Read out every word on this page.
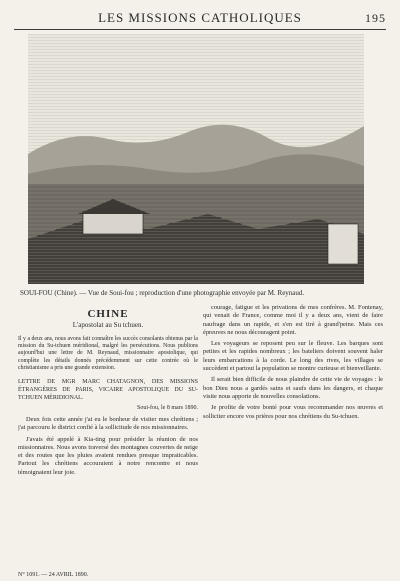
LES MISSIONS CATHOLIQUES	195
SOUI-FOU (Chine). — Vue de Soui-fou ; reproduction d'une photographie envoyée par M. Reynaud.
CHINE
L'apostolat au Su tchuen.
Il y a deux ans, nous avons fait connaître les succès consolants obtenus par la mission du Su-tchuen méridional, malgré les persécutions. Nous publions aujourd'hui une lettre de M. Reynaud, missionnaire apostolique, qui complète les détails donnés précédemment sur cette contrée où le christianisme a pris une grande extension.
LETTRE DE MGR MARC CHATAGNON, DES MISSIONS ÉTRANGÈRES DE PARIS, VICAIRE APOSTOLIQUE DU SU-TCHUEN MÉRIDIONAL.
Soui-fou, le 8 mars 1890.

Deux fois cette année j'ai eu le bonheur de visiter mes chrétiens ; j'ai parcouru le district confié à la sollicitude de nos missionnaires.

J'avais été appelé à Kia-ting pour présider la réunion de nos missionnaires. Nous avons traversé des montagnes couvertes de neige et des routes que les pluies avaient rendues presque impraticables. Partout les chrétiens accouraient à notre rencontre et nous témoignaient leur joie.

courage, fatigue et les privations de mes confrères. M. Fontenay, qui venait de France, comme moi il y a deux ans, vient de faire naufrage dans un rapide, et s'en est tiré à grand'peine. Mais ces épreuves ne nous découragent point.

Les voyageurs se reposent peu sur le fleuve. Les barques sont petites et les rapides nombreux ; les bateliers doivent souvent haler leurs embarcations à la corde. Le long des rives, les villages se succèdent et partout la population se montre curieuse et bienveillante.

Il serait bien difficile de nous plaindre de cette vie de voyages : le bon Dieu nous a gardés sains et saufs dans les dangers, et chaque visite nous apporte de nouvelles consolations.

Je profite de votre bonté pour vous recommander nos œuvres et solliciter encore vos prières pour nos chrétiens du Su-tchuen.

N° 1091. — 24 AVRIL 1890.
